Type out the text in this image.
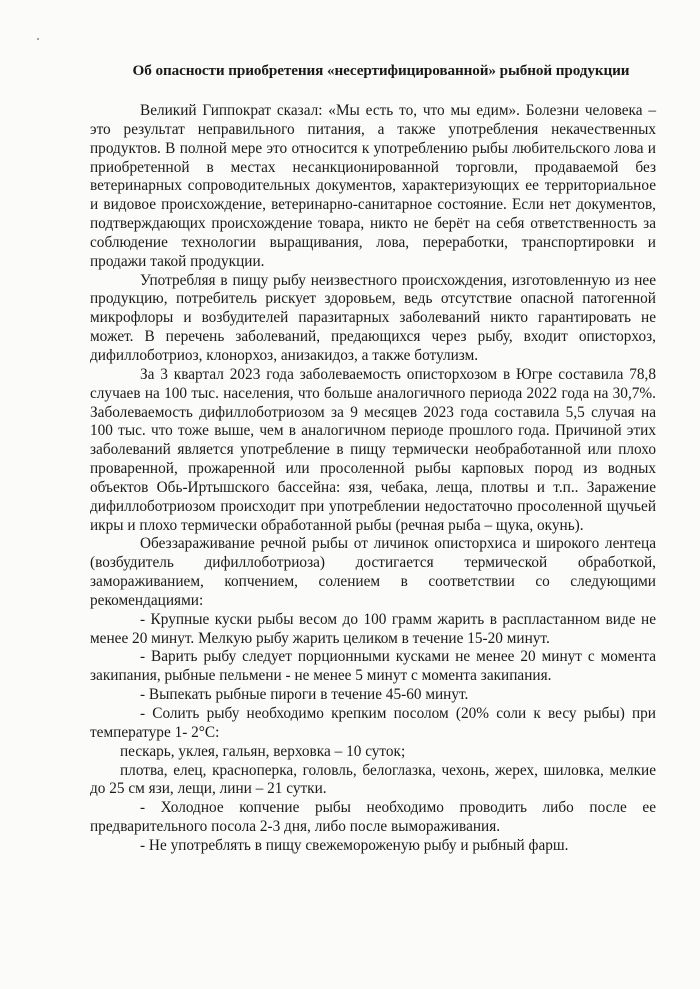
Об опасности приобретения «несертифицированной» рыбной продукции

Великий Гиппократ сказал: «Мы есть то, что мы едим». Болезни человека – это результат неправильного питания, а также употребления некачественных продуктов. В полной мере это относится к употреблению рыбы любительского лова и приобретенной в местах несанкционированной торговли, продаваемой без ветеринарных сопроводительных документов, характеризующих ее территориальное и видовое происхождение, ветеринарно-санитарное состояние. Если нет документов, подтверждающих происхождение товара, никто не берёт на себя ответственность за соблюдение технологии выращивания, лова, переработки, транспортировки и продажи такой продукции.

Употребляя в пищу рыбу неизвестного происхождения, изготовленную из нее продукцию, потребитель рискует здоровьем, ведь отсутствие опасной патогенной микрофлоры и возбудителей паразитарных заболеваний никто гарантировать не может. В перечень заболеваний, предающихся через рыбу, входит описторхоз, дифиллоботриоз, клонорхоз, анизакидоз, а также ботулизм.

За 3 квартал 2023 года заболеваемость описторхозом в Югре составила 78,8 случаев на 100 тыс. населения, что больше аналогичного периода 2022 года на 30,7%. Заболеваемость дифиллоботриозом за 9 месяцев 2023 года составила 5,5 случая на 100 тыс. что тоже выше, чем в аналогичном периоде прошлого года. Причиной этих заболеваний является употребление в пищу термически необработанной или плохо проваренной, прожаренной или просоленной рыбы карповых пород из водных объектов Обь-Иртышского бассейна: язя, чебака, леща, плотвы и т.п.. Заражение дифиллоботриозом происходит при употреблении недостаточно просоленной щучьей икры и плохо термически обработанной рыбы (речная рыба – щука, окунь).

Обеззараживание речной рыбы от личинок описторхиса и широкого лентеца (возбудитель дифиллоботриоза) достигается термической обработкой, замораживанием, копчением, солением в соответствии со следующими рекомендациями:

- Крупные куски рыбы весом до 100 грамм жарить в распластанном виде не менее 20 минут. Мелкую рыбу жарить целиком в течение 15-20 минут.

- Варить рыбу следует порционными кусками не менее 20 минут с момента закипания, рыбные пельмени - не менее 5 минут с момента закипания.

- Выпекать рыбные пироги в течение 45-60 минут.

- Солить рыбу необходимо крепким посолом (20% соли к весу рыбы) при температуре 1- 2°С:

пескарь, уклея, гальян, верховка – 10 суток;

плотва, елец, красноперка, головль, белоглазка, чехонь, жерех, шиловка, мелкие до 25 см язи, лещи, лини – 21 сутки.

- Холодное копчение рыбы необходимо проводить либо после ее предварительного посола 2-3 дня, либо после вымораживания.

- Не употреблять в пищу свежемороженую рыбу и рыбный фарш.
